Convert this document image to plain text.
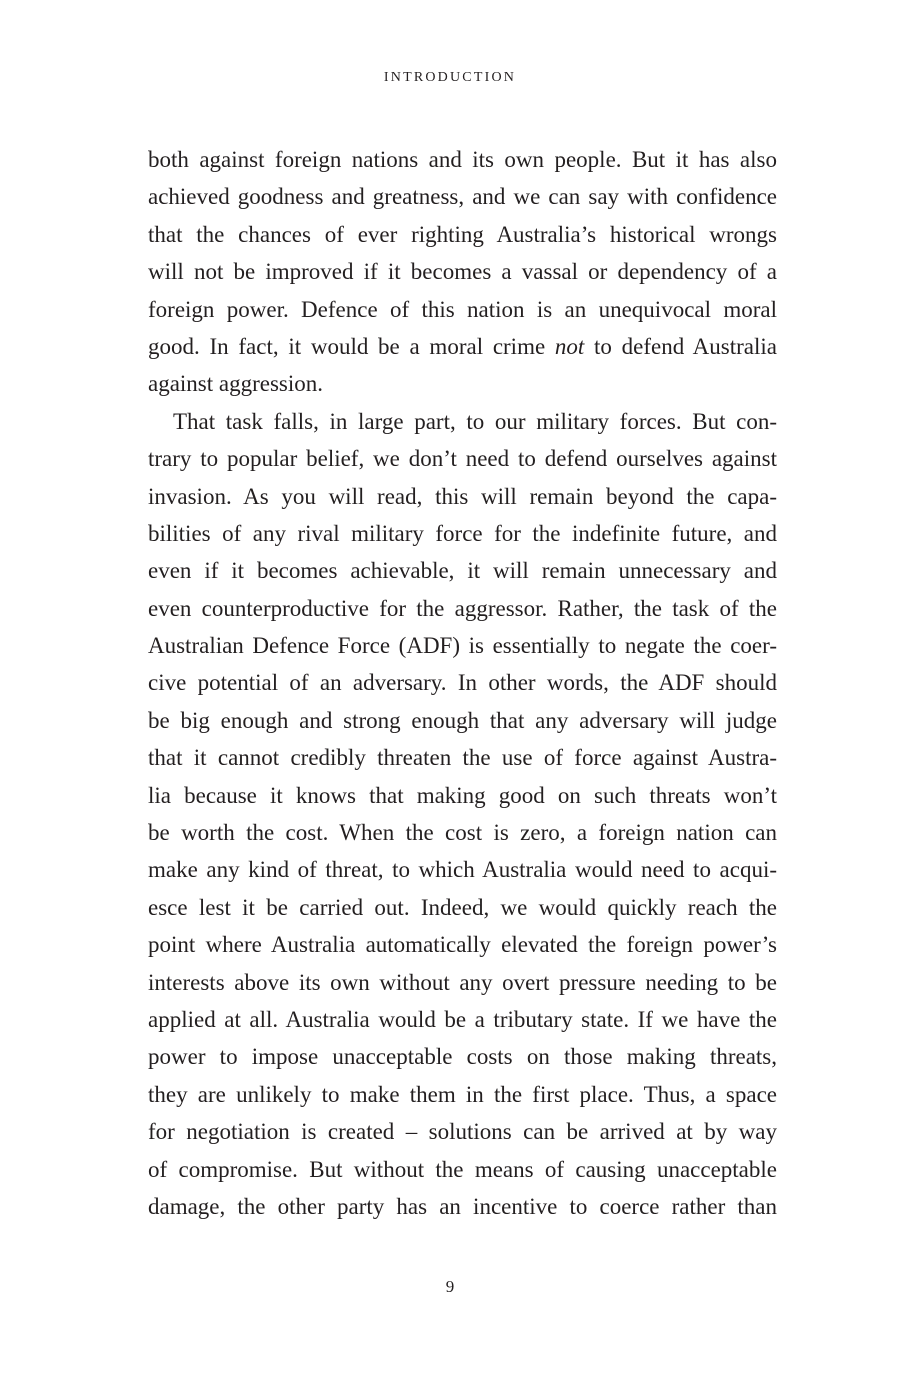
INTRODUCTION
both against foreign nations and its own people. But it has also
achieved goodness and greatness, and we can say with confidence
that the chances of ever righting Australia’s historical wrongs
will not be improved if it becomes a vassal or dependency of a
foreign power. Defence of this nation is an unequivocal moral
good. In fact, it would be a moral crime not to defend Australia
against aggression.
That task falls, in large part, to our military forces. But con-
trary to popular belief, we don’t need to defend ourselves against
invasion. As you will read, this will remain beyond the capa-
bilities of any rival military force for the indefinite future, and
even if it becomes achievable, it will remain unnecessary and
even counterproductive for the aggressor. Rather, the task of the
Australian Defence Force (ADF) is essentially to negate the coer-
cive potential of an adversary. In other words, the ADF should
be big enough and strong enough that any adversary will judge
that it cannot credibly threaten the use of force against Austra-
lia because it knows that making good on such threats won’t
be worth the cost. When the cost is zero, a foreign nation can
make any kind of threat, to which Australia would need to acqui-
esce lest it be carried out. Indeed, we would quickly reach the
point where Australia automatically elevated the foreign power’s
interests above its own without any overt pressure needing to be
applied at all. Australia would be a tributary state. If we have the
power to impose unacceptable costs on those making threats,
they are unlikely to make them in the first place. Thus, a space
for negotiation is created – solutions can be arrived at by way
of compromise. But without the means of causing unacceptable
damage, the other party has an incentive to coerce rather than
9
